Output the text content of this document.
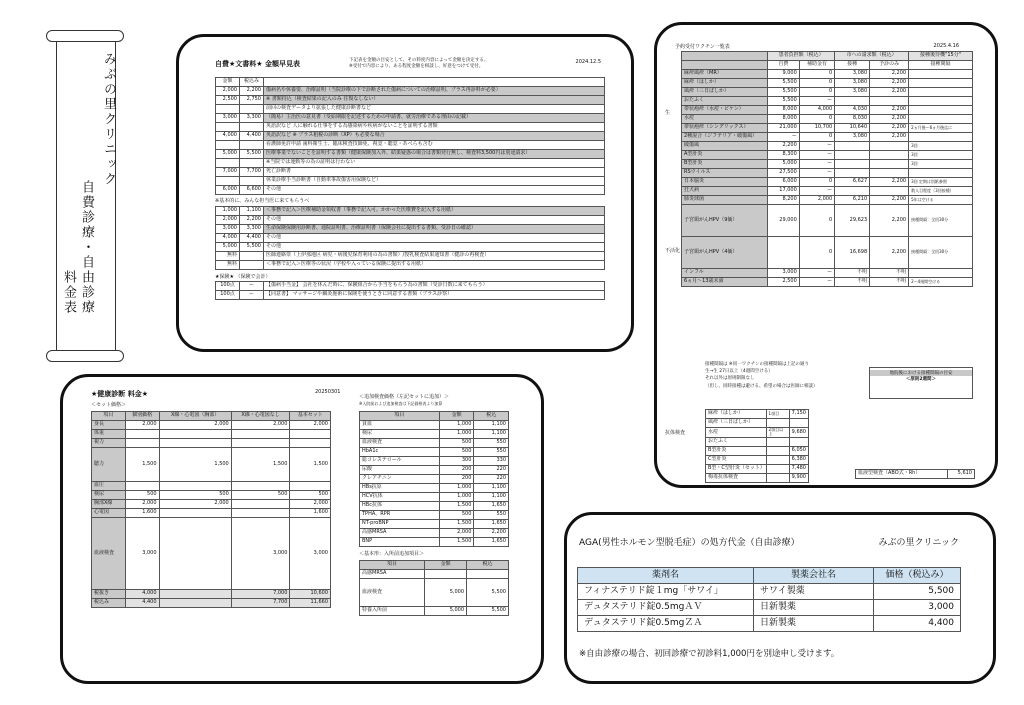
みぶの里クリニック
自費診療・自由診療
料金表
自費★文書料★ 金額早見表	下記表を金額の目安として、その料度内容によって金額を決定する。
※受付で内容により、ある程度金額を相談し、好意をつけて受付。
2024.12.5
金額	税込み	
2,000	2,200	傷病名や休養要、治療証明（当院診療の下で診断された傷病についての治療証明、プラス再診料が必要）
2,500	2,750	※ 書類持込（検査結果の記入のみ 往復なしない）
		前回の検査データより拡張した健康診断書など
3,000	3,300	（簡易）主治医の意見書（受給期限を記述するための申請書、就労治療である理由の記載）
		英語訳など 人に触れる仕事をする為感染病や疾病がないことを証明する書類
4,000	4,400	英語訳など ※ プラス租税の診断（XP）も必要な場合
		看護師免許申請 歯科衛生士、臨床検査技師免、視覚・聴覚・あべらも含む
5,000	5,500	医療事業でないことを証明する書類（健康保険加入外、結果疑惑の場合は書類発行無し、検査料3,500円は別途請求）
		※当院では運動等の為の証明は行わない
7,000	7,700	死亡診断書
		休業診療手当診断書（自動車事故傷害用保険など）
6,000	6,600	その他
※基本的に、みんな担当医に来てもらうべ
1,000	1,100	＜事務で記入＞医療補助金領収書（事務で記入可。かかった医療費を記入する用紙）
2,000	2,200	その他
3,000	3,300	生命保険保険用診断書、通院証明書、治療証明書（保険会社に提出する書類、受診日の確認）
4,000	4,400	その他
5,000	5,500	その他
無料		医師連絡票（上伊那地区 病児・病後児保育利用の為の書類）/授乳検査結果通知書（健診の再検査）
無料		＜事務で記入＞医療等の状況（学校や入っている保険に提出する用紙）
★保険★ （保険で会計）
100点	ー	【傷病手当金】 会社を休んだ時に、保険組合から手当をもらう為の書類（受診日数に来てもらう）
100点	ー	【同意書】 マッサージや鍼灸施術に保険を使うときに同意する書類（プラス診察）
予約受付ワクチン一覧表	2025.4.16
	患者負担額（税込）		市への請求額（税込）		接種後待機"15分"
	自費	補助金有	接種	予診のみ	接種間隔
麻疹風疹（MR）	9,000	0	3,080	2,200	
麻疹（はしか）	5,500	0	3,080	2,200	
風疹（三日ばしか）	5,500	0	3,080	2,200	
おたふく	5,500	ー			
帯状疱疹（水痘・ビケン）	8,000	4,000	4,030	2,200	
水痘	8,000	0	8,030	2,200	
帯状疱疹（シングリックス）	21,000	10,700	10,640	2,200	2ヵ月後〜6ヵ月後迄に
2種混合（ジフテリア・破傷風）	ー	0	3,080	2,200	
破傷風	2,200	ー			3回
A型肝炎	8,300	ー			3回
B型肝炎	5,000	ー			3回
RSウイルス	27,500	ー			
日本脳炎	6,000	0	6,627	2,200	3回 定期は別紙参照
狂犬病	17,000	ー			数人目程度（3回接種）
肺炎球菌	8,200	2,000	6,210	2,200	5年は空ける
子宮頸がんHPV（9価）	29,000	0	29,623	2,200	接種間隔：全回30分
子宮頸がんHPV（4価）		0	16,698	2,200	接種間隔：全回30分
インフル	3,000	ー	不明	不明	
6ヵ月〜13歳未満	2,500	ー	不明	不明	2〜4週間空ける
接種間隔は ※同一ワクチンの接種間隔は上記の通り
生→生 27日以上（4週間空ける）
それ以外は原則制限なし
（但し、同時接種は避ける、希望の場合は医師に相談）
他院後における接種間隔の目安
＜原則2週間＞
麻疹（はしか）	1項目	7,150
風疹（三日ばしか）		
水痘	2項目以上	9,680
おたふく		
B型肝炎		6,050
C型肝炎		6,380
B型・C型肝炎（セット）		7,480
梅毒抗体検査		9,900
血液型検査（ABO式・Rh）	5,610
生
不活化
抗体検査
★健康診断 料金★
＜セット価格＞
20250301
項目	個別価格	X線・心電図（胸部）	X線・心電図なし	基本セット
身長	2,000	2,000	2,000	2,000
体重				
視力				
聴力	1,500	1,500	1,500	1,500
血圧				
検尿	500	500	500	500
胸部X線	2,000	2,000		2,000
心電図	1,600			1,600
血液検査	3,000		3,000	3,000
税抜き	4,000		7,000	10,600
税込み	4,400		7,700	11,660
＜追加検査価格（左記セットに追加）＞
※入院前および追加検査は下記価格表より加算
項目	金額	税込
貧血	1,000	1,100
検尿	1,000	1,100
血液検査	500	550
HbA1c	500	550
総コレステロール	300	330
尿酸	200	220
クレアチニン	200	220
HBs抗原	1,000	1,100
HCV抗体	1,000	1,100
HBc抗体	1,500	1,650
TPHA、RPR	500	550
NT-proBNP	1,500	1,650
高感MRSA	2,000	2,200
BNP	1,500	1,650
＜基本形：入所前追加項目＞
項目	金額	税込
高感MRSA		
血液検査	5,000	5,500
特養入所前	5,000	5,500
AGA(男性ホルモン型脱毛症）の処方代金（自由診療）	みぶの里クリニック
薬剤名	製薬会社名	価格（税込み）
フィナステリド錠１mg「サワイ」	サワイ製薬	5,500
デュタステリド錠0.5mgＡＶ	日新製薬	3,000
デュタステリド錠0.5mgＺＡ	日新製薬	4,400
※自由診療の場合、初回診療で初診料1,000円を別途申し受けます。
